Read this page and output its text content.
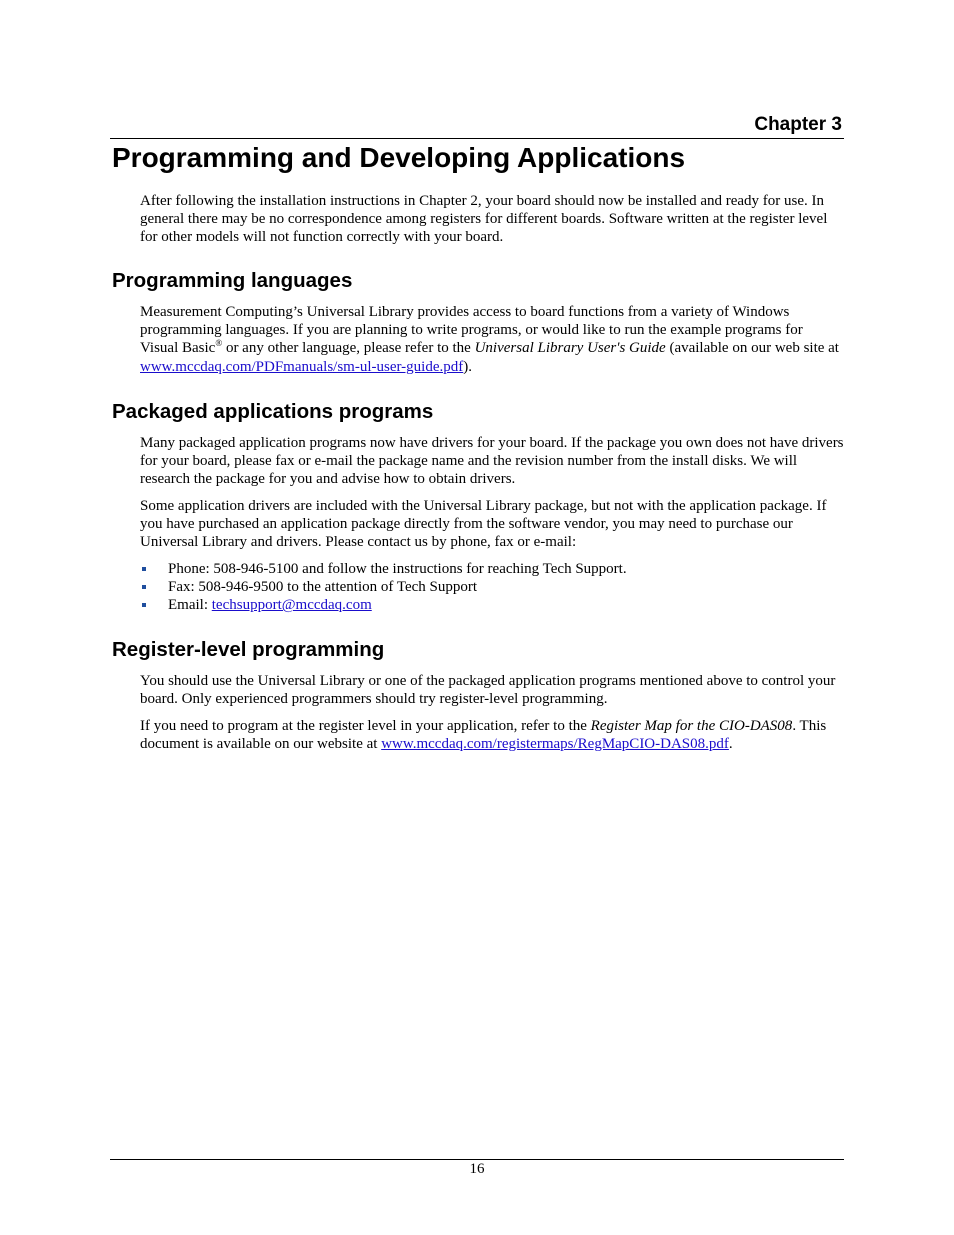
Chapter 3
Programming and Developing Applications

After following the installation instructions in Chapter 2, your board should now be installed and ready for use. In general there may be no correspondence among registers for different boards. Software written at the register level for other models will not function correctly with your board.

Programming languages

Measurement Computing’s Universal Library provides access to board functions from a variety of Windows programming languages. If you are planning to write programs, or would like to run the example programs for Visual Basic® or any other language, please refer to the Universal Library User's Guide (available on our web site at www.mccdaq.com/PDFmanuals/sm-ul-user-guide.pdf).

Packaged applications programs

Many packaged application programs now have drivers for your board. If the package you own does not have drivers for your board, please fax or e-mail the package name and the revision number from the install disks. We will research the package for you and advise how to obtain drivers.

Some application drivers are included with the Universal Library package, but not with the application package. If you have purchased an application package directly from the software vendor, you may need to purchase our Universal Library and drivers. Please contact us by phone, fax or e-mail:

Phone: 508-946-5100 and follow the instructions for reaching Tech Support.
Fax: 508-946-9500 to the attention of Tech Support
Email: techsupport@mccdaq.com
Register-level programming

You should use the Universal Library or one of the packaged application programs mentioned above to control your board. Only experienced programmers should try register-level programming.

If you need to program at the register level in your application, refer to the Register Map for the CIO-DAS08. This document is available on our website at www.mccdaq.com/registermaps/RegMapCIO-DAS08.pdf.

16
